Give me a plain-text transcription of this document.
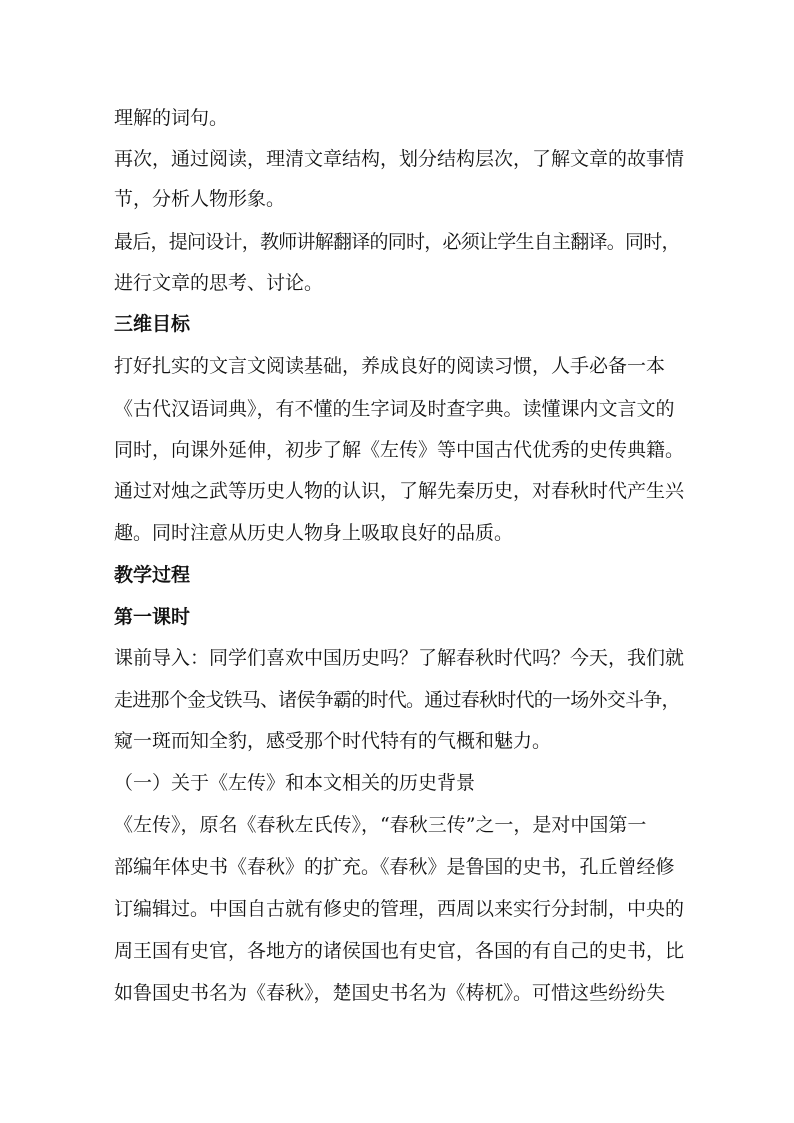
理解的词句。

再次，通过阅读，理清文章结构，划分结构层次，了解文章的故事情

节，分析人物形象。

最后，提问设计，教师讲解翻译的同时，必须让学生自主翻译。同时，

进行文章的思考、讨论。

三维目标

打好扎实的文言文阅读基础，养成良好的阅读习惯，人手必备一本

《古代汉语词典》，有不懂的生字词及时查字典。读懂课内文言文的

同时，向课外延伸，初步了解《左传》等中国古代优秀的史传典籍。

通过对烛之武等历史人物的认识，了解先秦历史，对春秋时代产生兴

趣。同时注意从历史人物身上吸取良好的品质。

教学过程

第一课时

课前导入：同学们喜欢中国历史吗？了解春秋时代吗？今天，我们就

走进那个金戈铁马、诸侯争霸的时代。通过春秋时代的一场外交斗争，

窥一斑而知全豹，感受那个时代特有的气概和魅力。

（一）关于《左传》和本文相关的历史背景

《左传》，原名《春秋左氏传》，“春秋三传”之一，是对中国第一

部编年体史书《春秋》的扩充。《春秋》是鲁国的史书，孔丘曾经修

订编辑过。中国自古就有修史的管理，西周以来实行分封制，中央的

周王国有史官，各地方的诸侯国也有史官，各国的有自己的史书，比

如鲁国史书名为《春秋》，楚国史书名为《梼杌》。可惜这些纷纷失
